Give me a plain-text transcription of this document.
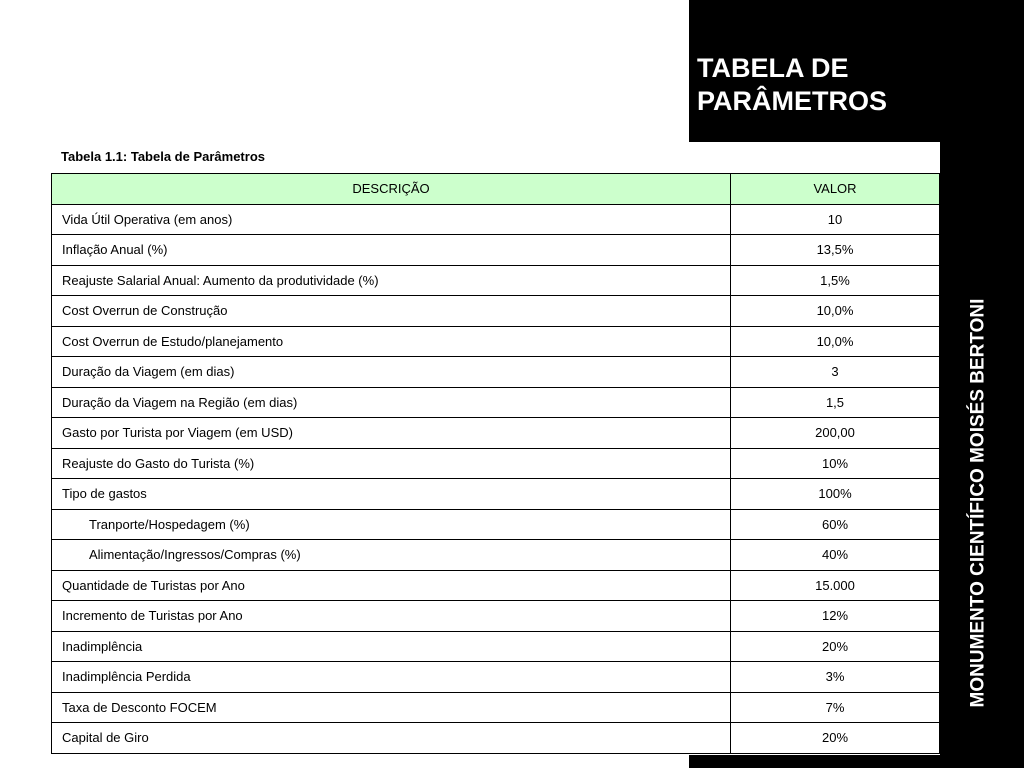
TABELA DE PARÂMETROS
MONUMENTO CIENTÍFICO MOISÉS BERTONI
Tabela 1.1: Tabela de Parâmetros
DESCRIÇÃO	VALOR
Vida Útil Operativa (em anos)	10
Inflação Anual (%)	13,5%
Reajuste Salarial Anual: Aumento da produtividade (%)	1,5%
Cost Overrun de Construção	10,0%
Cost Overrun de Estudo/planejamento	10,0%
Duração da Viagem (em dias)	3
Duração da Viagem na Região (em dias)	1,5
Gasto por Turista por Viagem (em USD)	200,00
Reajuste do Gasto do Turista (%)	10%
Tipo de gastos	100%
Tranporte/Hospedagem (%)	60%
Alimentação/Ingressos/Compras (%)	40%
Quantidade de Turistas por Ano	15.000
Incremento de Turistas por Ano	12%
Inadimplência	20%
Inadimplência Perdida	3%
Taxa de Desconto FOCEM	7%
Capital de Giro	20%
